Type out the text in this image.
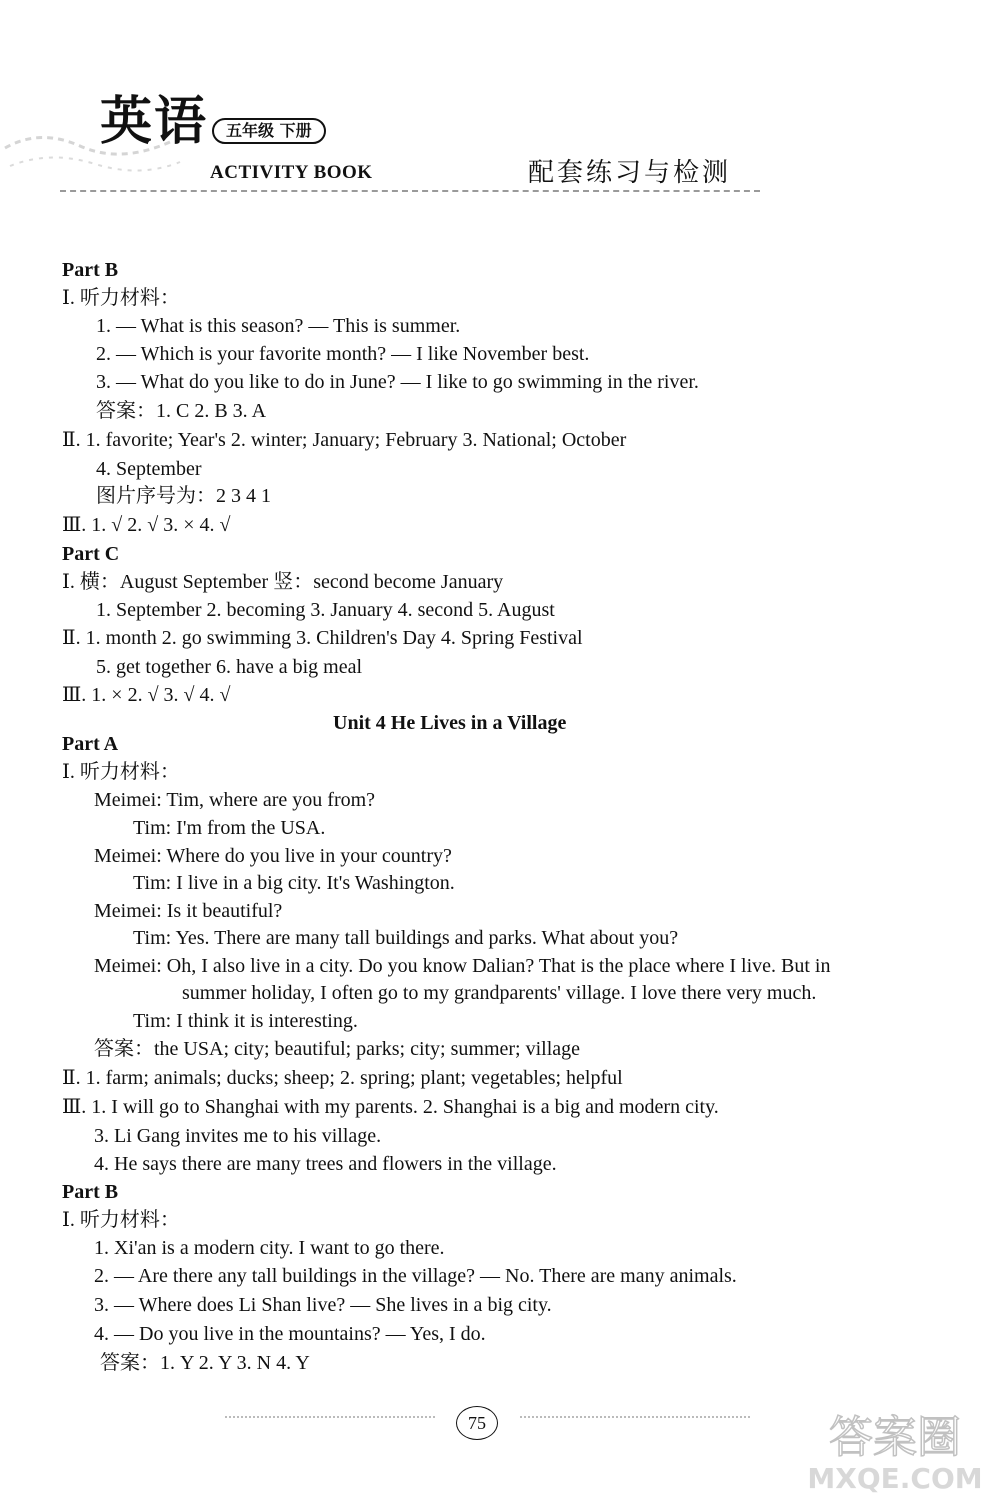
英语	五年级 下册
ACTIVITY BOOK	配套练习与检测
Part B
Ⅰ. 听力材料：
1. — What is this season? — This is summer.
2. — Which is your favorite month? — I like November best.
3. — What do you like to do in June? — I like to go swimming in the river.
答案：1. C 2. B 3. A
Ⅱ. 1. favorite; Year's 2. winter; January; February 3. National; October
4. September
图片序号为：2 3 4 1
Ⅲ. 1. √ 2. √ 3. × 4. √
Part C
Ⅰ. 横：August September 竖：second become January
1. September 2. becoming 3. January 4. second 5. August
Ⅱ. 1. month 2. go swimming 3. Children's Day 4. Spring Festival
5. get together 6. have a big meal
Ⅲ. 1. × 2. √ 3. √ 4. √
Unit 4 He Lives in a Village
Part A
Ⅰ. 听力材料：
Meimei: Tim, where are you from?
Tim: I'm from the USA.
Meimei: Where do you live in your country?
Tim: I live in a big city. It's Washington.
Meimei: Is it beautiful?
Tim: Yes. There are many tall buildings and parks. What about you?
Meimei: Oh, I also live in a city. Do you know Dalian? That is the place where I live. But in
summer holiday, I often go to my grandparents' village. I love there very much.
Tim: I think it is interesting.
答案：the USA; city; beautiful; parks; city; summer; village
Ⅱ. 1. farm; animals; ducks; sheep; 2. spring; plant; vegetables; helpful
Ⅲ. 1. I will go to Shanghai with my parents. 2. Shanghai is a big and modern city.
3. Li Gang invites me to his village.
4. He says there are many trees and flowers in the village.
Part B
Ⅰ. 听力材料：
1. Xi'an is a modern city. I want to go there.
2. — Are there any tall buildings in the village? — No. There are many animals.
3. — Where does Li Shan live? — She lives in a big city.
4. — Do you live in the mountains? — Yes, I do.
答案：1. Y 2. Y 3. N 4. Y
75	答案圈
MXQE.COM
